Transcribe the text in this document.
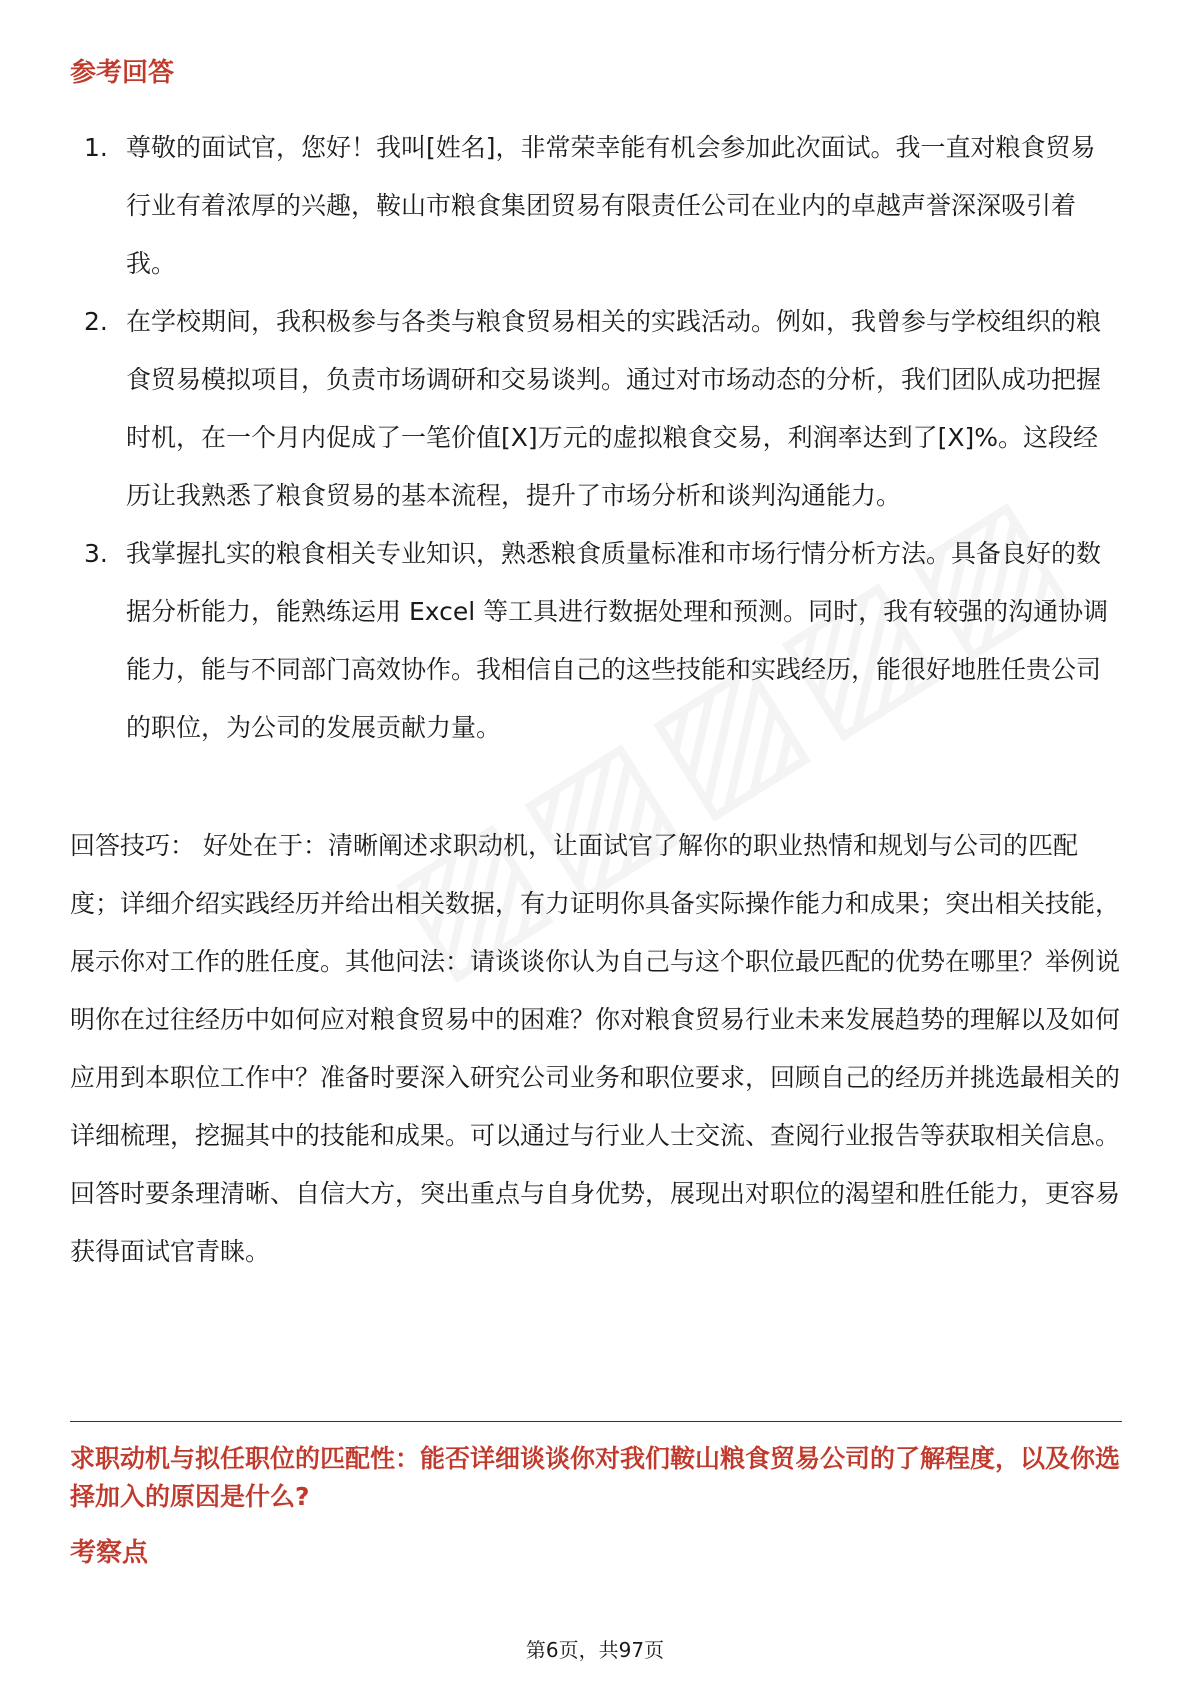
参考回答
1. 尊敬的面试官，您好！我叫[姓名]，非常荣幸能有机会参加此次面试。我一直对粮食贸易行业有着浓厚的兴趣，鞍山市粮食集团贸易有限责任公司在业内的卓越声誉深深吸引着我。
2. 在学校期间，我积极参与各类与粮食贸易相关的实践活动。例如，我曾参与学校组织的粮食贸易模拟项目，负责市场调研和交易谈判。通过对市场动态的分析，我们团队成功把握时机，在一个月内促成了一笔价值[X]万元的虚拟粮食交易，利润率达到了[X]%。这段经历让我熟悉了粮食贸易的基本流程，提升了市场分析和谈判沟通能力。
3. 我掌握扎实的粮食相关专业知识，熟悉粮食质量标准和市场行情分析方法。具备良好的数据分析能力，能熟练运用 Excel 等工具进行数据处理和预测。同时，我有较强的沟通协调能力，能与不同部门高效协作。我相信自己的这些技能和实践经历，能很好地胜任贵公司的职位，为公司的发展贡献力量。

回答技巧： 好处在于：清晰阐述求职动机，让面试官了解你的职业热情和规划与公司的匹配度；详细介绍实践经历并给出相关数据，有力证明你具备实际操作能力和成果；突出相关技能，展示你对工作的胜任度。其他问法：请谈谈你认为自己与这个职位最匹配的优势在哪里？举例说明你在过往经历中如何应对粮食贸易中的困难？你对粮食贸易行业未来发展趋势的理解以及如何应用到本职位工作中？准备时要深入研究公司业务和职位要求，回顾自己的经历并挑选最相关的详细梳理，挖掘其中的技能和成果。可以通过与行业人士交流、查阅行业报告等获取相关信息。回答时要条理清晰、自信大方，突出重点与自身优势，展现出对职位的渴望和胜任能力，更容易获得面试官青睐。

求职动机与拟任职位的匹配性：能否详细谈谈你对我们鞍山粮食贸易公司的了解程度，以及你选择加入的原因是什么?

考察点
第6页，共97页
